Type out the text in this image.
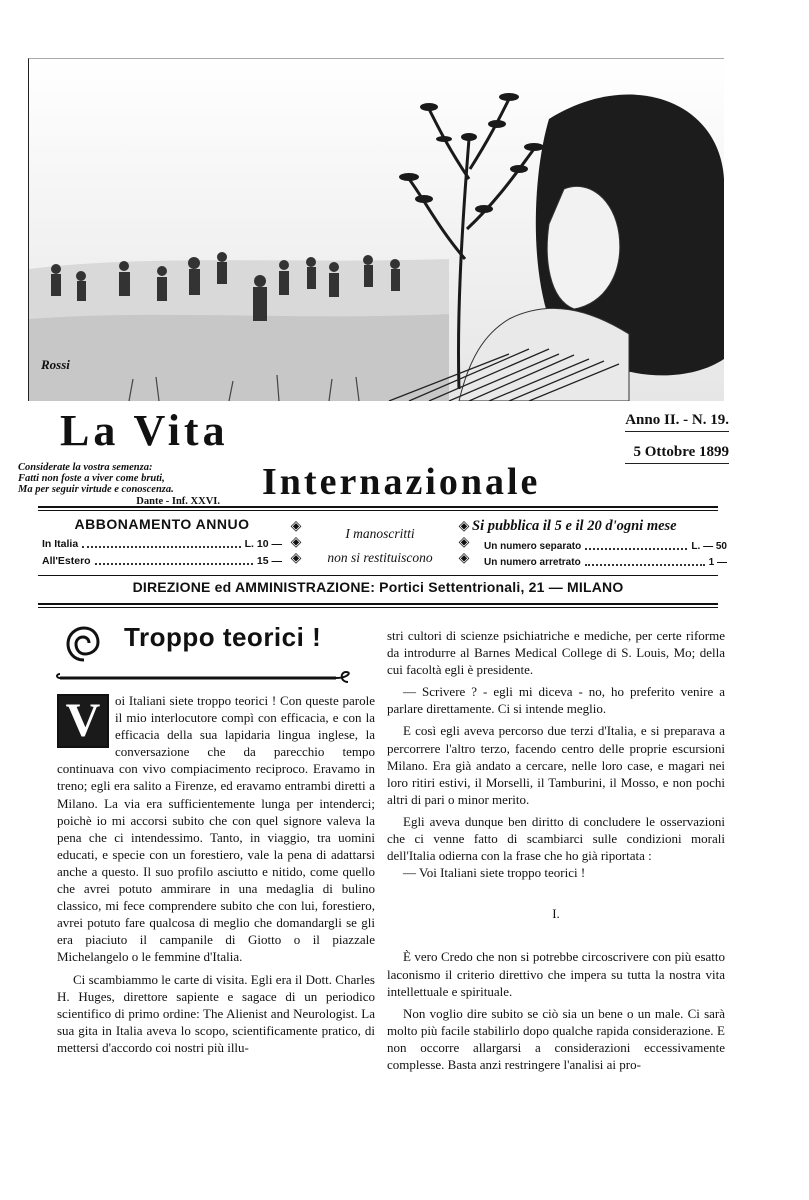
Rossi
La Vita	Anno II. - N. 19.
5 Ottobre 1899
Considerate la vostra semenza:
Fatti non foste a viver come bruti,
Ma per seguir virtude e conoscenza.
Dante - Inf. XXVI.	Internazionale
ABBONAMENTO ANNUO
In Italia	L. 10 —
All'Estero	15 —
◈
◈
◈
I manoscritti
non si restituiscono
◈
◈
◈
Si pubblica il 5 e il 20 d'ogni mese
Un numero separato	L. — 50
Un numero arretrato	1 —
DIREZIONE ed AMMINISTRAZIONE: Portici Settentrionali, 21 — MILANO
Troppo teorici !
V	oi Italiani siete troppo teorici ! Con queste parole il mio interlocutore compì con efficacia, e con la efficacia della sua lapidaria lingua inglese, la conversazione che da parecchio tempo continuava con vivo compiacimento reciproco. Eravamo in treno; egli era salito a Firenze, ed eravamo entrambi diretti a Milano. La via era sufficientemente lunga per intenderci; poichè io mi accorsi subito che con quel signore valeva la pena che ci intendessimo. Tanto, in viaggio, tra uomini educati, e specie con un forestiero, vale la pena di adattarsi anche a questo. Il suo profilo asciutto e nitido, come quello che avrei potuto ammirare in una medaglia di bulino classico, mi fece comprendere subito che con lui, forestiero, avrei potuto fare qualcosa di meglio che domandargli se gli era piaciuto il campanile di Giotto o il piazzale Michelangelo o le femmine d'Italia.

Ci scambiammo le carte di visita. Egli era il Dott. Charles H. Huges, direttore sapiente e sagace di un periodico scientifico di primo ordine: The Alienist and Neurologist. La sua gita in Italia aveva lo scopo, scientificamente pratico, di mettersi d'accordo coi nostri più illu-

stri cultori di scienze psichiatriche e mediche, per certe riforme da introdurre al Barnes Medical College di S. Louis, Mo; della cui facoltà egli è presidente.

— Scrivere ? - egli mi diceva - no, ho preferito venire a parlare direttamente. Ci si intende meglio.

E così egli aveva percorso due terzi d'Italia, e si preparava a percorrere l'altro terzo, facendo centro delle proprie escursioni Milano. Era già andato a cercare, nelle loro case, e magari nei loro ritiri estivi, il Morselli, il Tamburini, il Mosso, e non pochi altri di pari o minor merito.

Egli aveva dunque ben diritto di concludere le osservazioni che ci venne fatto di scambiarci sulle condizioni morali dell'Italia odierna con la frase che ho già riportata :

— Voi Italiani siete troppo teorici !

I.

È vero Credo che non si potrebbe circoscrivere con più esatto laconismo il criterio direttivo che impera su tutta la nostra vita intellettuale e spirituale.

Non voglio dire subito se ciò sia un bene o un male. Ci sarà molto più facile stabilirlo dopo qualche rapida considerazione. E non occorre allargarsi a considerazioni eccessivamente complesse. Basta anzi restringere l'analisi ai pro-
